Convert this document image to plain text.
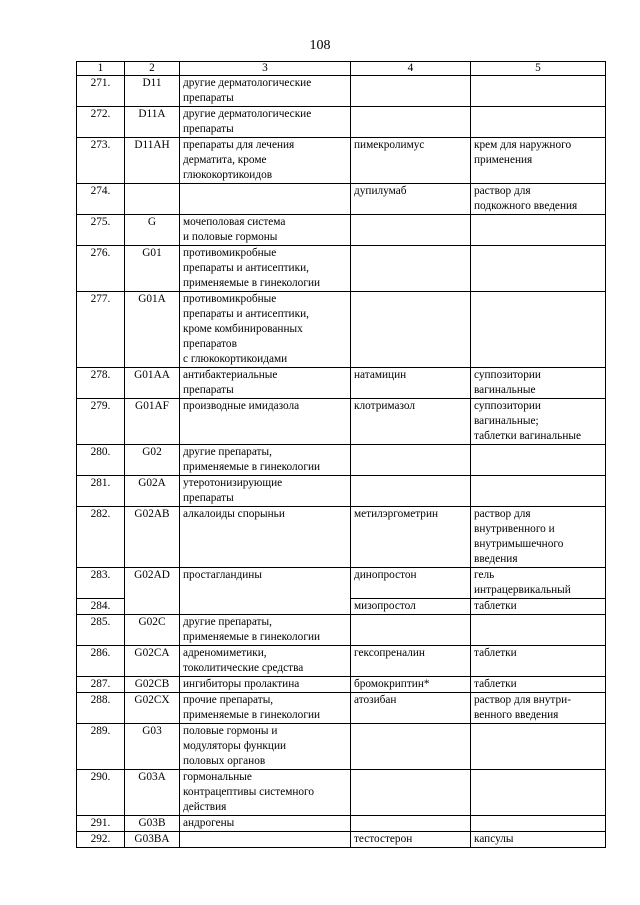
108
1	2	3	4	5
271.	D11	другие дерматологические
препараты		
272.	D11A	другие дерматологические
препараты		
273.	D11AH	препараты для лечения
дерматита, кроме
глюкокортикоидов	пимекролимус	крем для наружного
применения
274.			дупилумаб	раствор для
подкожного введения
275.	G	мочеполовая система
и половые гормоны		
276.	G01	противомикробные
препараты и антисептики,
применяемые в гинекологии		
277.	G01A	противомикробные
препараты и антисептики,
кроме комбинированных
препаратов
с глюкокортикоидами		
278.	G01AA	антибактериальные
препараты	натамицин	суппозитории
вагинальные
279.	G01AF	производные имидазола	клотримазол	суппозитории
вагинальные;
таблетки вагинальные
280.	G02	другие препараты,
применяемые в гинекологии		
281.	G02A	утеротонизирующие
препараты		
282.	G02AB	алкалоиды спорыньи	метилэргометрин	раствор для
внутривенного и
внутримышечного
введения
283.	G02AD	простагландины	динопростон	гель
интрацервикальный
284.			мизопростол	таблетки
285.	G02C	другие препараты,
применяемые в гинекологии		
286.	G02CA	адреномиметики,
токолитические средства	гексопреналин	таблетки
287.	G02CB	ингибиторы пролактина	бромокриптин*	таблетки
288.	G02CX	прочие препараты,
применяемые в гинекологии	атозибан	раствор для внутри-
венного введения
289.	G03	половые гормоны и
модуляторы функции
половых органов		
290.	G03A	гормональные
контрацептивы системного
действия		
291.	G03B	андрогены		
292.	G03BA		тестостерон	капсулы
